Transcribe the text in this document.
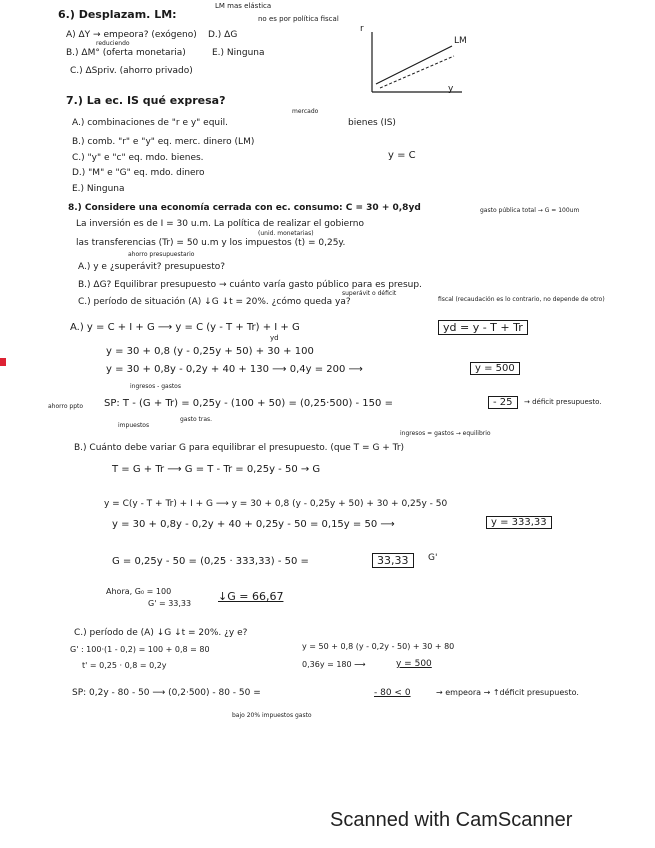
6.) Desplazam. LM:
LM mas elástica
no es por política fiscal
A) ΔY → empeora? (exógeno)
reduciendo
B.) ΔM° (oferta monetaria)
D.) ΔG
E.) Ninguna
C.) ΔSpriv. (ahorro privado)
r
LM
y
7.) La ec. IS qué expresa?
A.) combinaciones de "r e y" equil.
mercado
bienes (IS)
B.) comb. "r" e "y" eq. merc. dinero (LM)
C.) "y" e "c" eq. mdo. bienes.
D.) "M" e "G" eq. mdo. dinero
E.) Ninguna
y = C
8.) Considere una economía cerrada con ec. consumo: C = 30 + 0,8yd	gasto pública total → G = 100um
La inversión es de I = 30 u.m. La política de realizar el gobierno
(unid. monetarias)
las transferencias (Tr) = 50 u.m y los impuestos (t) = 0,25y.
ahorro presupuestario
A.) y e ¿superávit? presupuesto?
B.) ΔG? Equilibrar presupuesto → cuánto varía gasto público para es presup.
C.) período de situación (A) ↓G ↓t = 20%. ¿cómo queda ya?
superávit o déficit
fiscal (recaudación es lo contrario, no depende de otro)
A.) y = C + I + G ⟶ y = C (y - T + Tr) + I + G
yd
yd = y - T + Tr
y = 30 + 0,8 (y - 0,25y + 50) + 30 + 100
y = 30 + 0,8y - 0,2y + 40 + 130 ⟶ 0,4y = 200 ⟶	y = 500
ingresos - gastos
ahorro ppto SP: T - (G + Tr) = 0,25y - (100 + 50) = (0,25·500) - 150 =	- 25	→ déficit presupuesto.
impuestos
gasto tras.
ingresos = gastos → equilibrio
B.) Cuánto debe variar G para equilibrar el presupuesto. (que T = G + Tr)
T = G + Tr ⟶ G = T - Tr = 0,25y - 50 → G
y = C(y - T + Tr) + I + G ⟶ y = 30 + 0,8 (y - 0,25y + 50) + 30 + 0,25y - 50
y = 30 + 0,8y - 0,2y + 40 + 0,25y - 50 = 0,15y = 50 ⟶	y = 333,33
G = 0,25y - 50 = (0,25 · 333,33) - 50 =	33,33	G'
Ahora, G₀ = 100
G' = 33,33
↓G = 66,67
C.) período de (A) ↓G ↓t = 20%. ¿y e?
G' : 100·(1 - 0,2) = 100 + 0,8 = 80
t' = 0,25 · 0,8 = 0,2y
y = 50 + 0,8 (y - 0,2y - 50) + 30 + 80
0,36y = 180 ⟶	y = 500
SP: 0,2y - 80 - 50 ⟶ (0,2·500) - 80 - 50 =	- 80 < 0	→ empeora → ↑déficit presupuesto.
bajo 20% impuestos gasto
Scanned with CamScanner
